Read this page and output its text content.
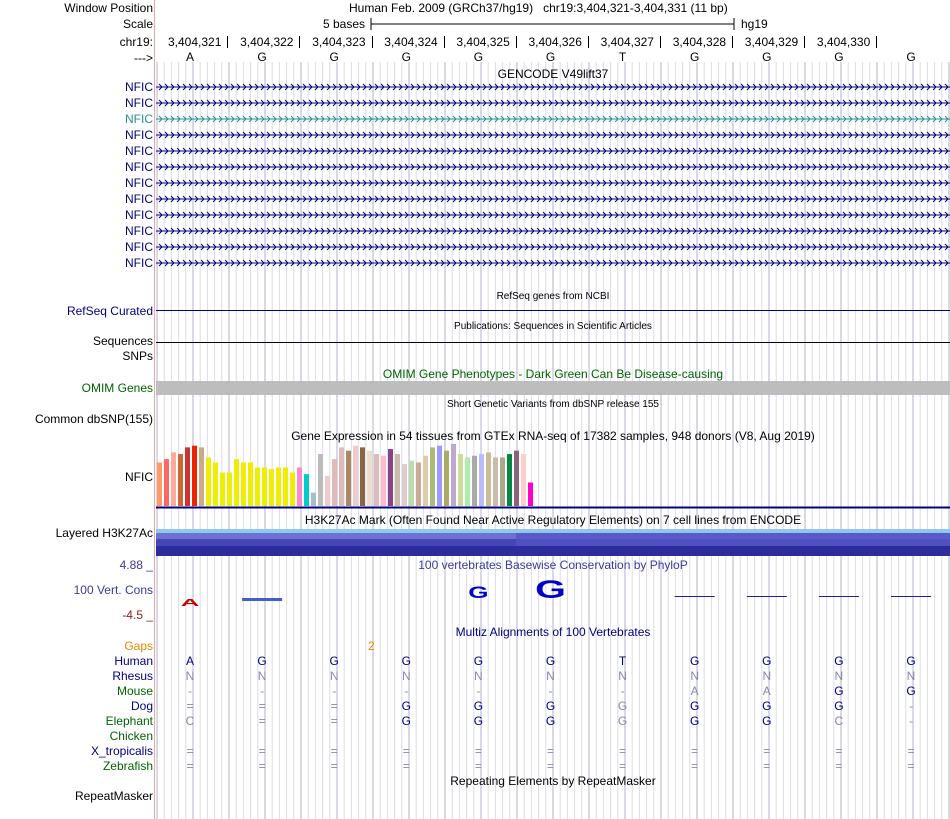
Window Position
Scale
chr19:
--->
Human Feb. 2009 (GRCh37/hg19)   chr19:3,404,321-3,404,331 (11 bp)
5 bases	hg19
3,404,321	3,404,322	3,404,323	3,404,324	3,404,325	3,404,326	3,404,327	3,404,328	3,404,329	3,404,330
A	G	G	G	G	G	T	G	G	G	G
GENCODE V49lift37
NFIC
NFIC
NFIC
NFIC
NFIC
NFIC
NFIC
NFIC
NFIC
NFIC
NFIC
NFIC
RefSeq genes from NCBI
RefSeq Curated
Publications: Sequences in Scientific Articles
Sequences
SNPs
OMIM Gene Phenotypes - Dark Green Can Be Disease-causing
OMIM Genes
Short Genetic Variants from dbSNP release 155
Common dbSNP(155)
Gene Expression in 54 tissues from GTEx RNA-seq of 17382 samples, 948 donors (V8, Aug 2019)
NFIC
H3K27Ac Mark (Often Found Near Active Regulatory Elements) on 7 cell lines from ENCODE
Layered H3K27Ac
100 vertebrates Basewise Conservation by PhyloP
4.88 _
100 Vert. Cons
-4.5 _
A
G G
Multiz Alignments of 100 Vertebrates
Gaps	2
Human	A	G	G	G	G	G	T	G	G	G	G
Rhesus	N	N	N	N	N	N	N	N	N	N	N
Mouse	-	-	-	-	-	-	-	A	A	G	G
Dog	=	=	=	G	G	G	G	G	G	G	-
Elephant	C	=	=	G	G	G	G	G	G	C	-
Chicken
X_tropicalis	=	=	=	=	=	=	=	=	=	=	=
Zebrafish	=	=	=	=	=	=	=	=	=	=	=
Repeating Elements by RepeatMasker
RepeatMasker
